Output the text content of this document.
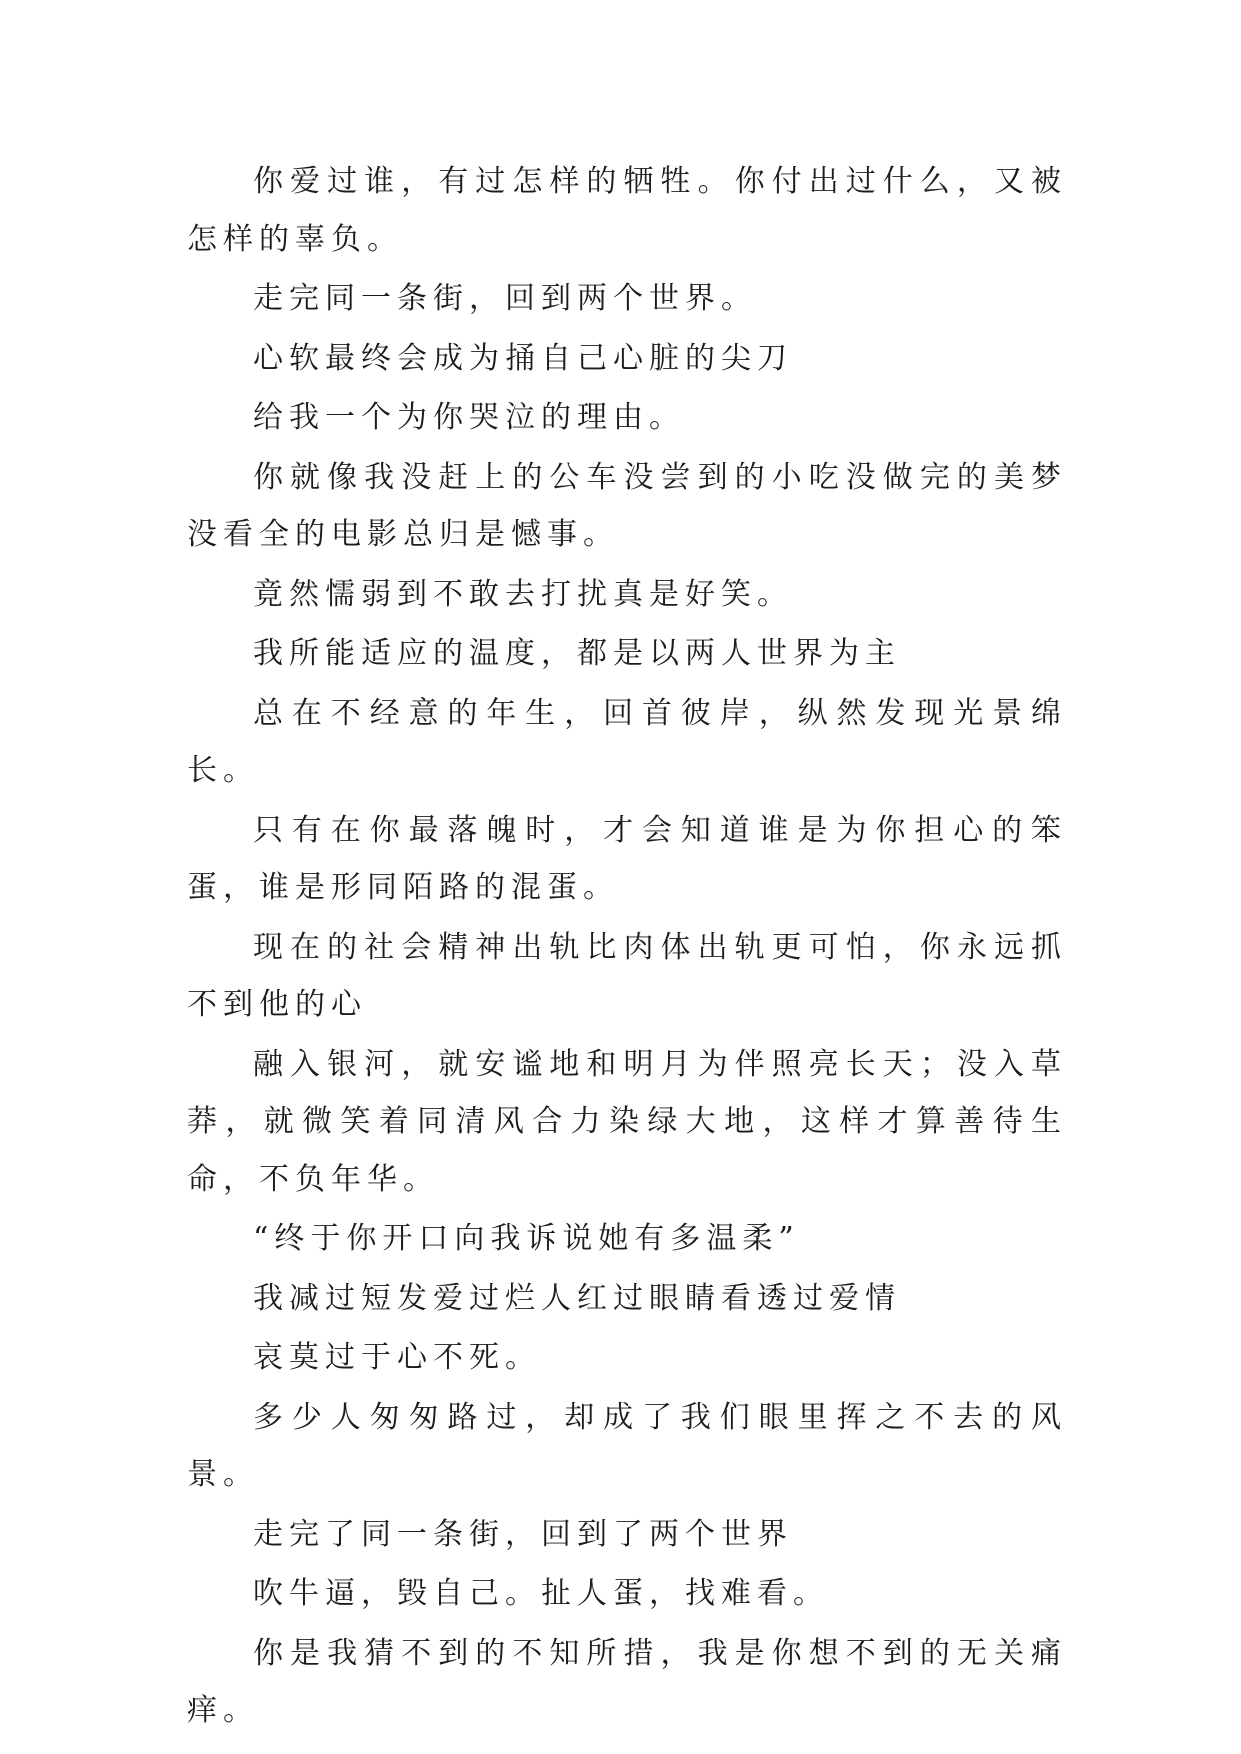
你爱过谁，有过怎样的牺牲。你付出过什么，又被怎样的辜负。

走完同一条街，回到两个世界。

心软最终会成为捅自己心脏的尖刀

给我一个为你哭泣的理由。

你就像我没赶上的公车没尝到的小吃没做完的美梦没看全的电影总归是憾事。

竟然懦弱到不敢去打扰真是好笑。

我所能适应的温度，都是以两人世界为主

总在不经意的年生，回首彼岸，纵然发现光景绵长。

只有在你最落魄时，才会知道谁是为你担心的笨蛋，谁是形同陌路的混蛋。

现在的社会精神出轨比肉体出轨更可怕，你永远抓不到他的心

融入银河，就安谧地和明月为伴照亮长天；没入草莽，就微笑着同清风合力染绿大地，这样才算善待生命，不负年华。

“终于你开口向我诉说她有多温柔”

我减过短发爱过烂人红过眼睛看透过爱情

哀莫过于心不死。

多少人匆匆路过，却成了我们眼里挥之不去的风景。

走完了同一条街，回到了两个世界

吹牛逼，毁自己。扯人蛋，找难看。

你是我猜不到的不知所措，我是你想不到的无关痛痒。
